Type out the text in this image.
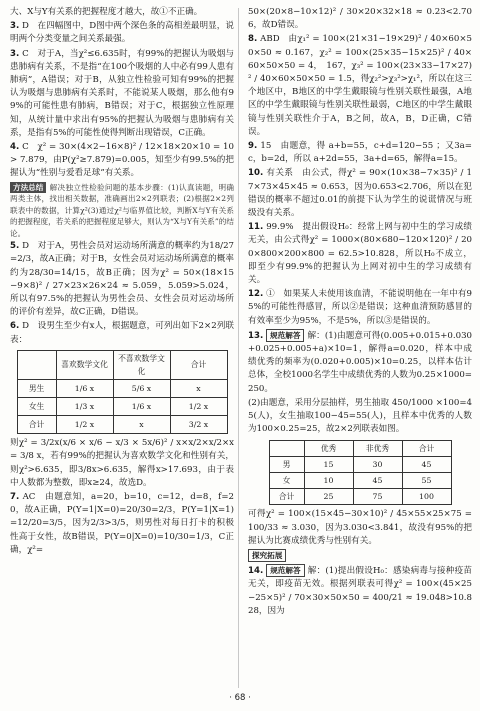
大、X与Y有关系的把握程度才越大，故①不正确。

3. D　在四幅图中，D图中两个深色条的高相差最明显，说明两个分类变量之间关系最强。

3. C　对于A，当χ²≤6.635时，有99%的把握认为吸烟与患肺病有关系，不是指“在100个吸烟的人中必有99人患有肺病”，A错误；对于B，从独立性检验可知有99%的把握认为吸烟与患肺病有关系时，不能说某人吸烟，那么他有99%的可能性患有肺病，B错误；对于C，根据独立性原理知，从统计量中求出有95%的把握认为吸烟与患肺病有关系，是指有5%的可能性使得判断出现错误，C正确。

4. C　χ² = 30×(4×2−16×8)² / 12×18×20×10 = 10 > 7.879，由P(χ²≥7.879)=0.005，知至少有99.5%的把握认为“性别与爱看足球”有关系。

方法总结 解决独立性检验问题的基本步骤：(1)认真读题，明确两类主体，找出相关数据，准确画出2×2列联表；(2)根据2×2列联表中的数据，计算χ²(3)通过χ²与临界值比较，判断X与Y有关系的把握程度，若关系的把握程度足够大，则认为“X与Y有关系”的结论。

5. D　对于A，男性会员对运动场所满意的概率约为18/27=2/3，故A正确；对于B，女性会员对运动场所满意的概率约为28/30=14/15，故B正确；因为χ² = 50×(18×15−9×8)² / 27×23×26×24 ≈ 5.059，5.059>5.024，所以有97.5%的把握认为男性会员、女性会员对运动场所的评价有差异，故C正确，D错误。

6. D　设男生至少有x人，根据题意，可列出如下2×2列联表：

	喜欢数学文化	不喜欢数学文化	合计
男生	1/6 x	5/6 x	x
女生	1/3 x	1/6 x	1/2 x
合计	1/2 x	x	3/2 x

则χ² = 3/2x(x/6 × x/6 − x/3 × 5x/6)² / x×x/2×x/2×x = 3/8 x，若有99%的把握认为喜欢数学文化和性别有关，则χ²>6.635，即3/8x>6.635，解得x>17.693，由于表中人数都为整数，即x≥24，故选D。

7. AC　由题意知，a=20，b=10，c=12，d=8，f=20，故A正确，P(Y=1|X=0)=20/30=2/3，P(Y=1|X=1)=12/20=3/5，因为2/3>3/5，则男性对每日打卡的积极性高于女性，故B错误，P(Y=0|X=0)=10/30=1/3，C正确，χ²=

50×(20×8−10×12)² / 30×20×32×18 ≈ 0.23<2.706，故D错误。

8. ABD　由χ₁² = 100×(21×31−19×29)² / 40×60×50×50 ≈ 0.167，χ₂² = 100×(25×35−15×25)² / 40×60×50×50 = 4，　167，χ₃² = 100×(23×33−17×27)² / 40×60×50×50 = 1.5，得χ₂²>χ₃²>χ₁²，所以在这三个地区中，B地区的中学生戴眼镜与性别关联性最强，A地区的中学生戴眼镜与性别关联性最弱，C地区的中学生戴眼镜与性别关联性介于A，B之间，故A，B，D正确，C错误。

9. 15　由题意，得 a+b=55，c+d=120−55 ；又3a=c，b=2d，所以 a+2d=55，3a+d=65，解得a=15。

10. 有关系　由公式，得χ² = 90×(10×38−7×35)² / 17×73×45×45 ≈ 0.653，因为0.653<2.706，所以在犯错误的概率不超过0.01的前提下认为学生的说谎情况与班级没有关系。

11. 99.9%　提出假设H₀：经常上网与初中生的学习成绩无关，由公式得χ² = 1000×(80×680−120×120)² / 200×800×200×800 = 62.5>10.828，所以H₀不成立，即至少有99.9%的把握认为上网对初中生的学习成绩有关。

12. ①　如果某人未使用该血清，不能说明他在一年中有95%的可能性得感冒，所以②是错误；这种血清预防感冒的有效率至少为95%，不是5%，所以③是错误的。

13. 规范解答 解：(1)由题意可得(0.005+0.015+0.030+0.025+0.005+a)×10=1，解得a=0.020，样本中成绩优秀的频率为(0.020+0.005)×10=0.25，以样本估计总体，全校1000名学生中成绩优秀的人数为0.25×1000=250。

(2)由题意，采用分层抽样，男生抽取 450/1000 ×100=45(人)，女生抽取100−45=55(人)，且样本中优秀的人数为100×0.25=25，故2×2列联表如图。

	优秀	非优秀	合计
男	15	30	45
女	10	45	55
合计	25	75	100

可得χ² = 100×(15×45−30×10)² / 45×55×25×75 = 100/33 ≈ 3.030，因为3.030<3.841，故没有95%的把握认为比赛成绩优秀与性别有关。

探究拓展

14. 规范解答 解：(1)提出假设H₀：感染病毒与接种疫苗无关，即疫苗无效。根据列联表可得χ² = 100×(45×25−25×5)² / 70×30×50×50 = 400/21 ≈ 19.048>10.828，因为

· 68 ·
